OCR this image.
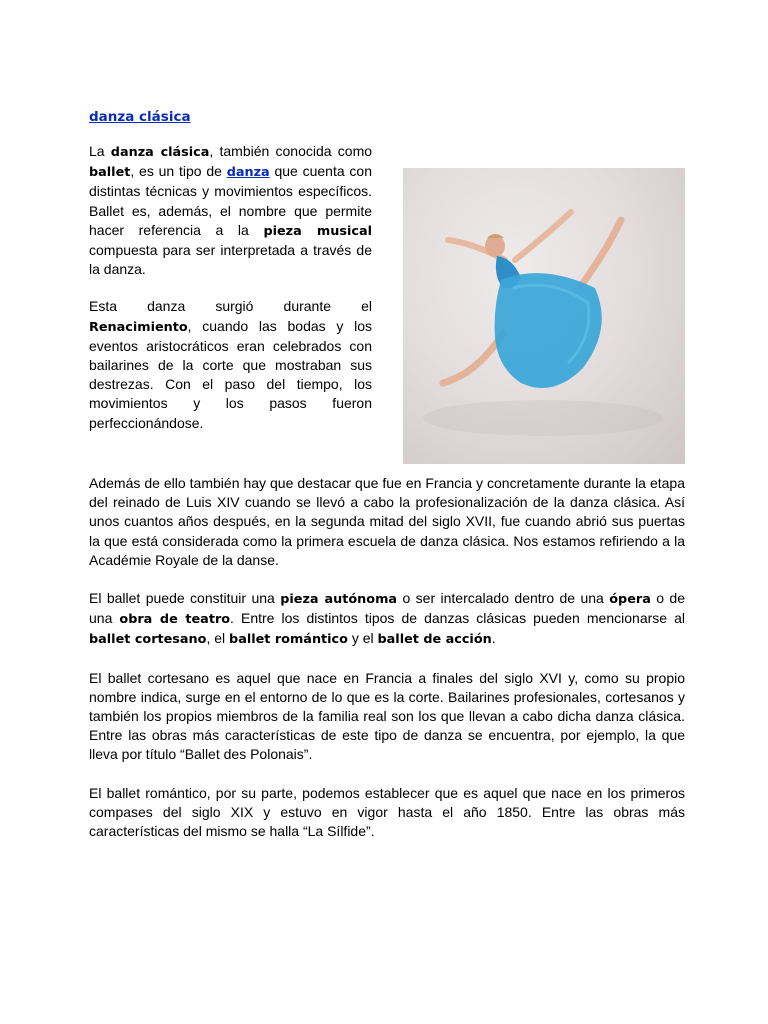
danza clásica

La danza clásica, también conocida como ballet, es un tipo de danza que cuenta con distintas técnicas y movimientos específicos. Ballet es, además, el nombre que permite hacer referencia a la pieza musical compuesta para ser interpretada a través de la danza.

Esta danza surgió durante el Renacimiento, cuando las bodas y los eventos aristocráticos eran celebrados con bailarines de la corte que mostraban sus destrezas. Con el paso del tiempo, los movimientos y los pasos fueron perfeccionándose.

Además de ello también hay que destacar que fue en Francia y concretamente durante la etapa del reinado de Luis XIV cuando se llevó a cabo la profesionalización de la danza clásica. Así unos cuantos años después, en la segunda mitad del siglo XVII, fue cuando abrió sus puertas la que está considerada como la primera escuela de danza clásica. Nos estamos refiriendo a la Académie Royale de la danse.

El ballet puede constituir una pieza autónoma o ser intercalado dentro de una ópera o de una obra de teatro. Entre los distintos tipos de danzas clásicas pueden mencionarse al ballet cortesano, el ballet romántico y el ballet de acción.

El ballet cortesano es aquel que nace en Francia a finales del siglo XVI y, como su propio nombre indica, surge en el entorno de lo que es la corte. Bailarines profesionales, cortesanos y también los propios miembros de la familia real son los que llevan a cabo dicha danza clásica. Entre las obras más características de este tipo de danza se encuentra, por ejemplo, la que lleva por título “Ballet des Polonais”.

El ballet romántico, por su parte, podemos establecer que es aquel que nace en los primeros compases del siglo XIX y estuvo en vigor hasta el año 1850. Entre las obras más características del mismo se halla “La Sílfide”.
